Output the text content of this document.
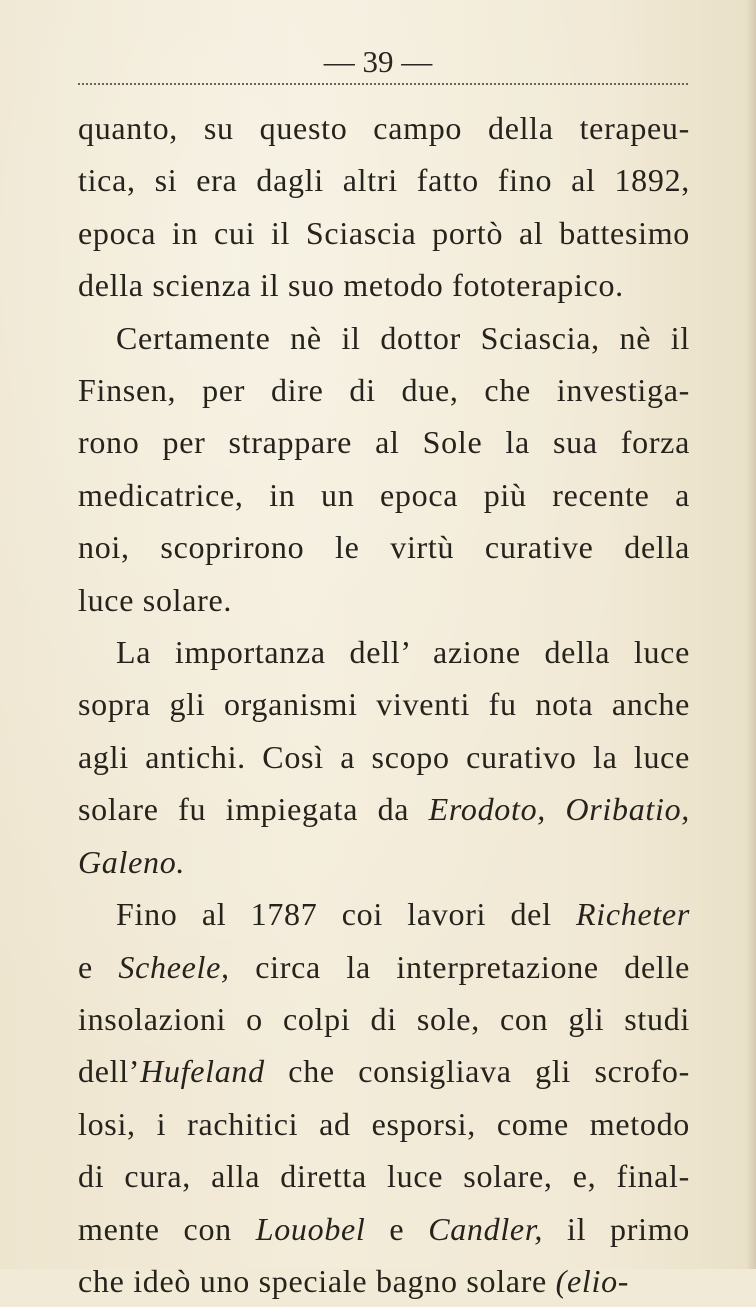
— 39 —
quanto, su questo campo della terapeu-
tica, si era dagli altri fatto fino al 1892,
epoca in cui il Sciascia portò al battesimo
della scienza il suo metodo fototerapico.
Certamente nè il dottor Sciascia, nè il
Finsen, per dire di due, che investiga-
rono per strappare al Sole la sua forza
medicatrice, in un epoca più recente a
noi, scoprirono le virtù curative della
luce solare.
La importanza dell’ azione della luce
sopra gli organismi viventi fu nota anche
agli antichi. Così a scopo curativo la luce
solare fu impiegata da Erodoto, Oribatio,
Galeno.
Fino al 1787 coi lavori del Richeter
e Scheele, circa la interpretazione delle
insolazioni o colpi di sole, con gli studi
dell’Hufeland che consigliava gli scrofo-
losi, i rachitici ad esporsi, come metodo
di cura, alla diretta luce solare, e, final-
mente con Louobel e Candler, il primo
che ideò uno speciale bagno solare (elio-
